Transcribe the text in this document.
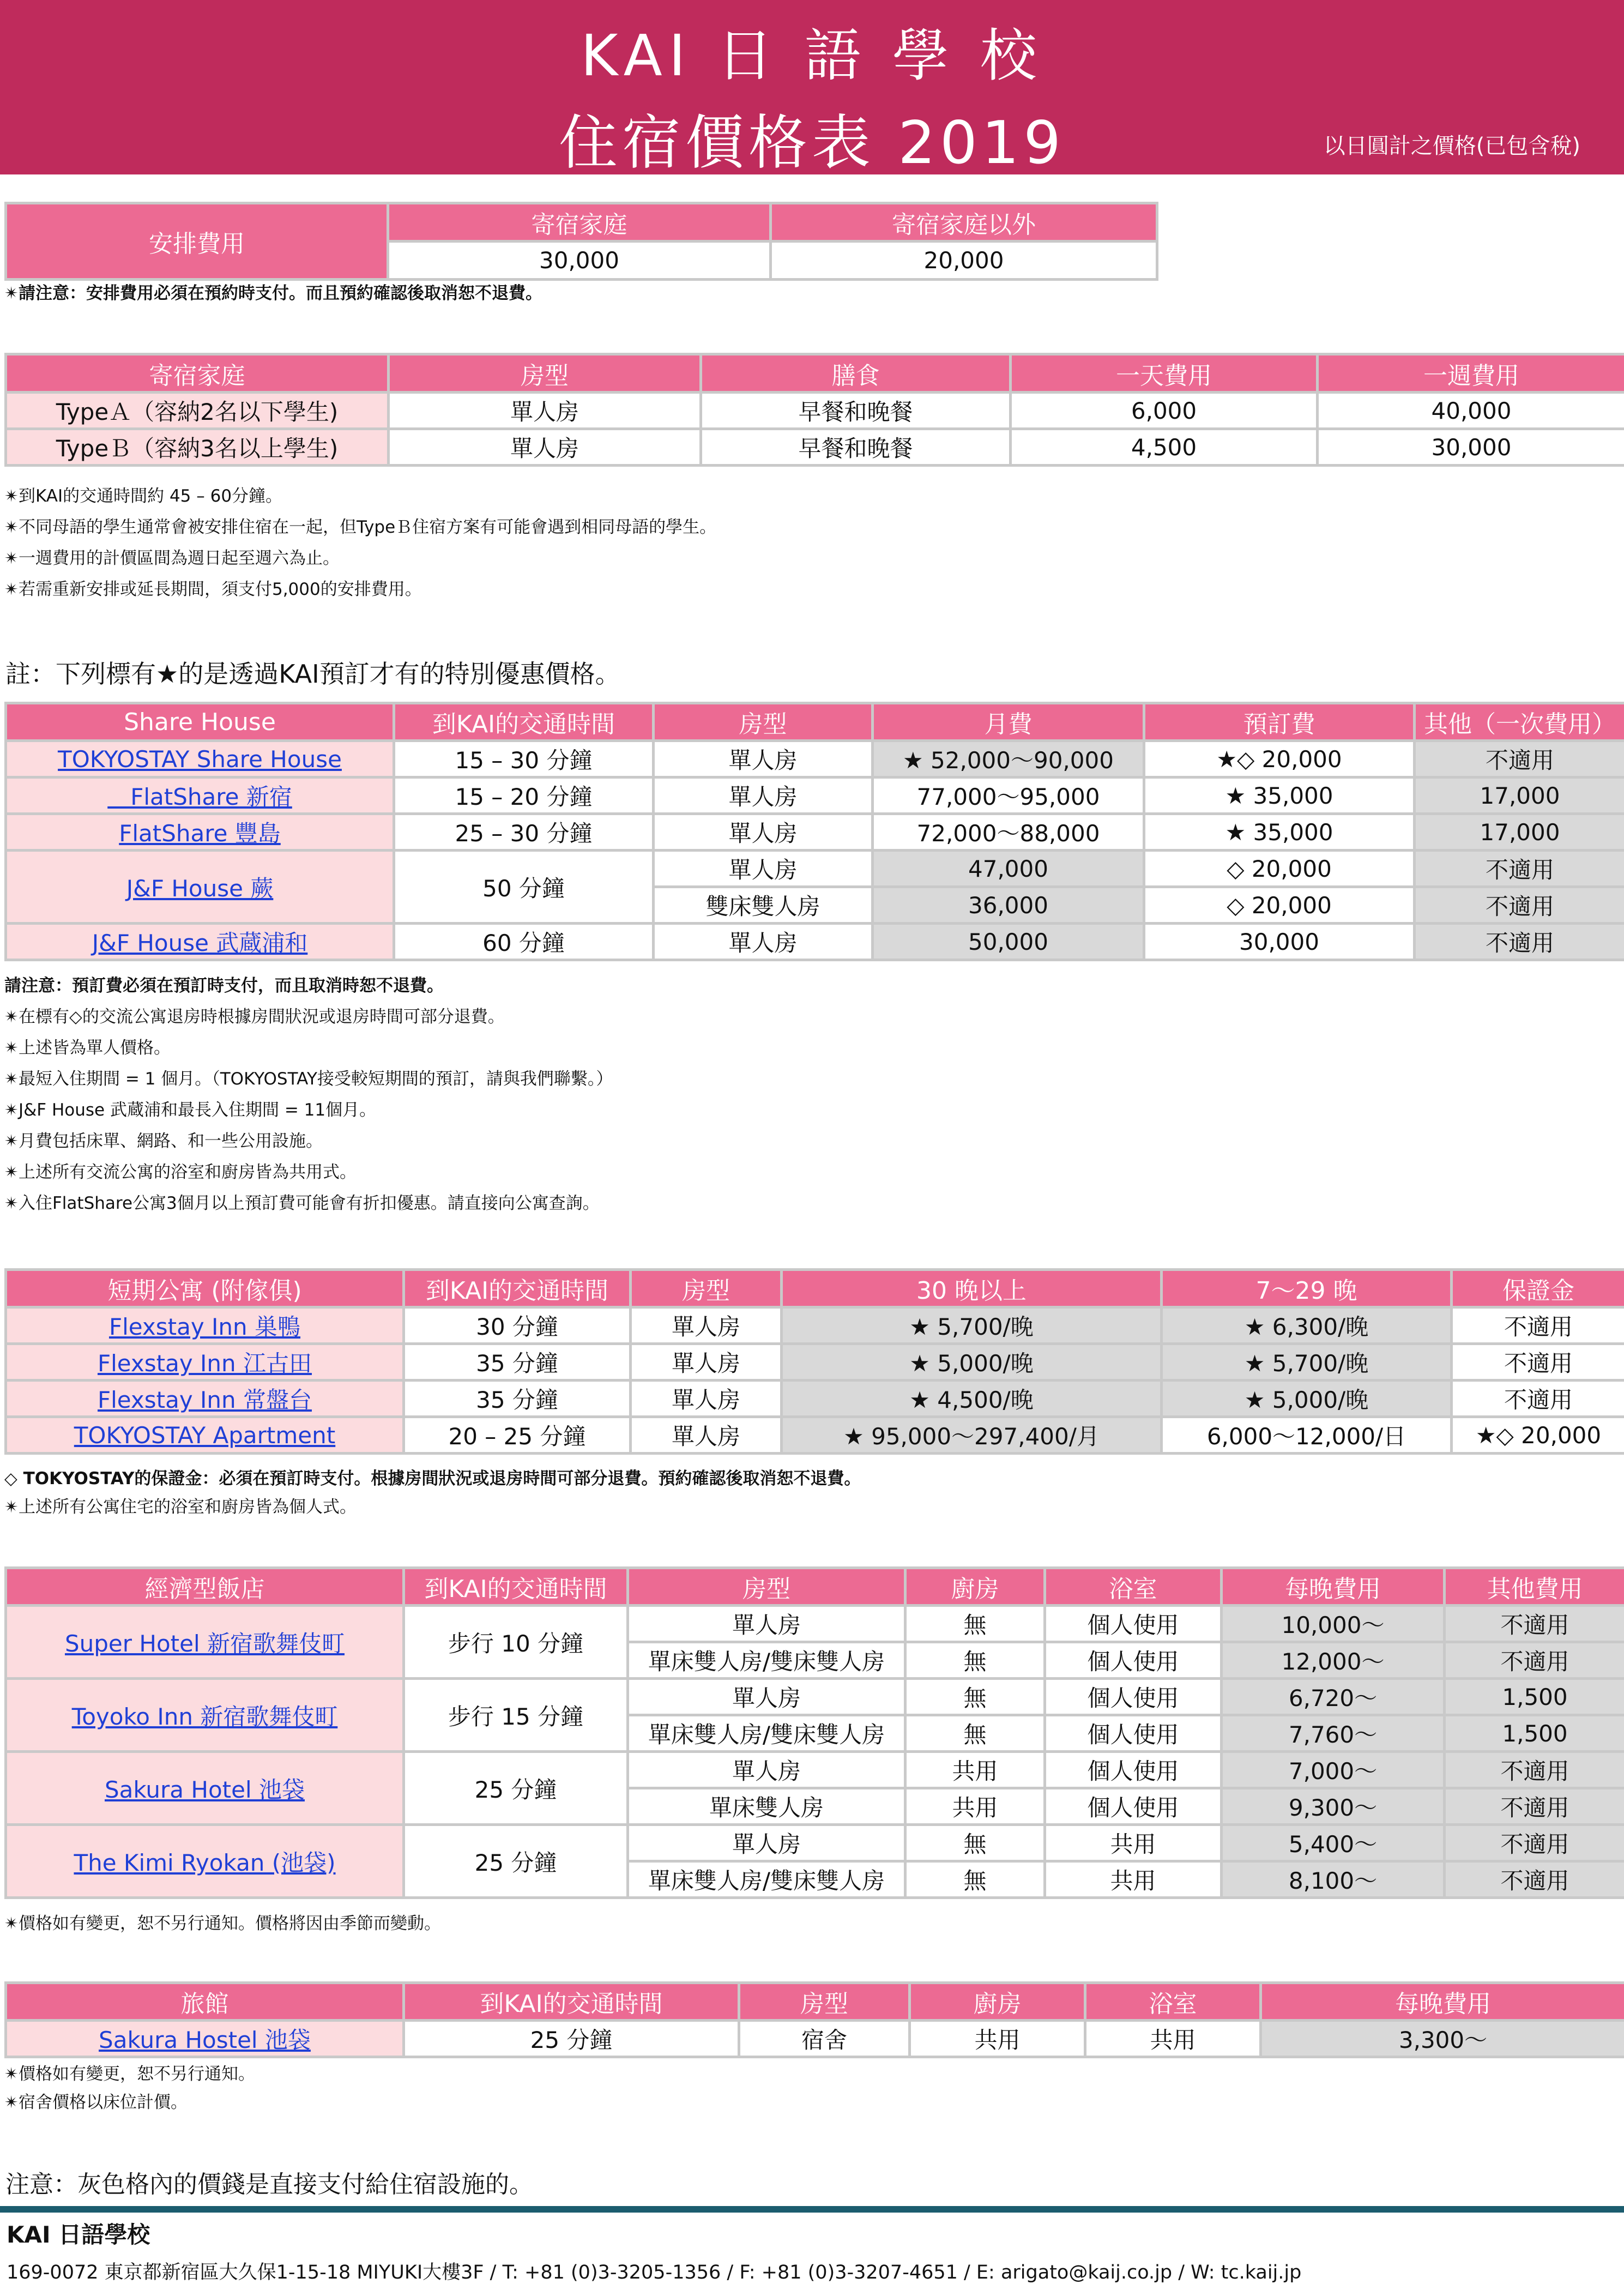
KAI 日 語 學 校
住宿價格表 2019	以日圓計之價格(已包含稅)
安排費用	寄宿家庭	寄宿家庭以外
	30,000	20,000
✴請注意：安排費用必須在預約時支付。而且預約確認後取消恕不退費。
寄宿家庭	房型	膳食	一天費用	一週費用
TypeＡ（容納2名以下學生)	單人房	早餐和晚餐	6,000	40,000
TypeＢ（容納3名以上學生)	單人房	早餐和晚餐	4,500	30,000
✴到KAI的交通時間約 45 – 60分鐘。
✴不同母語的學生通常會被安排住宿在一起，但TypeＢ住宿方案有可能會遇到相同母語的學生。
✴一週費用的計價區間為週日起至週六為止。
✴若需重新安排或延長期間，須支付5,000的安排費用。
註：下列標有★的是透過KAI預訂才有的特別優惠價格。
Share House	到KAI的交通時間	房型	月費	預訂費	其他（一次費用）
TOKYOSTAY Share House	15 – 30 分鐘	單人房	★ 52,000〜90,000	★◇ 20,000	不適用
　FlatShare 新宿	15 – 20 分鐘	單人房	77,000〜95,000	★ 35,000	17,000
FlatShare 豐島	25 – 30 分鐘	單人房	72,000〜88,000	★ 35,000	17,000
J&F House 蕨	50 分鐘	單人房	47,000	◇ 20,000	不適用
		雙床雙人房	36,000	◇ 20,000	不適用
J&F House 武蔵浦和	60 分鐘	單人房	50,000	30,000	不適用
請注意：預訂費必須在預訂時支付，而且取消時恕不退費。
✴在標有◇的交流公寓退房時根據房間狀況或退房時間可部分退費。
✴上述皆為單人價格。
✴最短入住期間 = 1 個月。（TOKYOSTAY接受較短期間的預訂，請與我們聯繫。）
✴J&F House 武蔵浦和最長入住期間 = 11個月。
✴月費包括床單、網路、和一些公用設施。
✴上述所有交流公寓的浴室和廚房皆為共用式。
✴入住FlatShare公寓3個月以上預訂費可能會有折扣優惠。請直接向公寓查詢。
短期公寓 (附傢俱)	到KAI的交通時間	房型	30 晚以上	7〜29 晚	保證金
Flexstay Inn 巣鴨	30 分鐘	單人房	★ 5,700/晚	★ 6,300/晚	不適用
Flexstay Inn 江古田	35 分鐘	單人房	★ 5,000/晚	★ 5,700/晚	不適用
Flexstay Inn 常盤台	35 分鐘	單人房	★ 4,500/晚	★ 5,000/晚	不適用
TOKYOSTAY Apartment	20 – 25 分鐘	單人房	★ 95,000〜297,400/月	6,000〜12,000/日	★◇ 20,000
◇ TOKYOSTAY的保證金：必須在預訂時支付。根據房間狀況或退房時間可部分退費。預約確認後取消恕不退費。
✴上述所有公寓住宅的浴室和廚房皆為個人式。
經濟型飯店	到KAI的交通時間	房型	廚房	浴室	每晚費用	其他費用
Super Hotel 新宿歌舞伎町	步行 10 分鐘	單人房	無	個人使用	10,000〜	不適用
		單床雙人房/雙床雙人房	無	個人使用	12,000〜	不適用
Toyoko Inn 新宿歌舞伎町	步行 15 分鐘	單人房	無	個人使用	6,720〜	1,500
		單床雙人房/雙床雙人房	無	個人使用	7,760〜	1,500
Sakura Hotel 池袋	25 分鐘	單人房	共用	個人使用	7,000〜	不適用
		單床雙人房	共用	個人使用	9,300〜	不適用
The Kimi Ryokan (池袋)	25 分鐘	單人房	無	共用	5,400〜	不適用
		單床雙人房/雙床雙人房	無	共用	8,100〜	不適用
✴價格如有變更，恕不另行通知。價格將因由季節而變動。
旅館	到KAI的交通時間	房型	廚房	浴室	每晚費用
Sakura Hostel 池袋	25 分鐘	宿舍	共用	共用	3,300〜
✴價格如有變更，恕不另行通知。
✴宿舍價格以床位計價。
注意：灰色格內的價錢是直接支付給住宿設施的。
KAI 日語學校
169-0072 東京都新宿區大久保1-15-18 MIYUKI大樓3F / T: +81 (0)3-3205-1356 / F: +81 (0)3-3207-4651 / E: arigato@kaij.co.jp / W: tc.kaij.jp
